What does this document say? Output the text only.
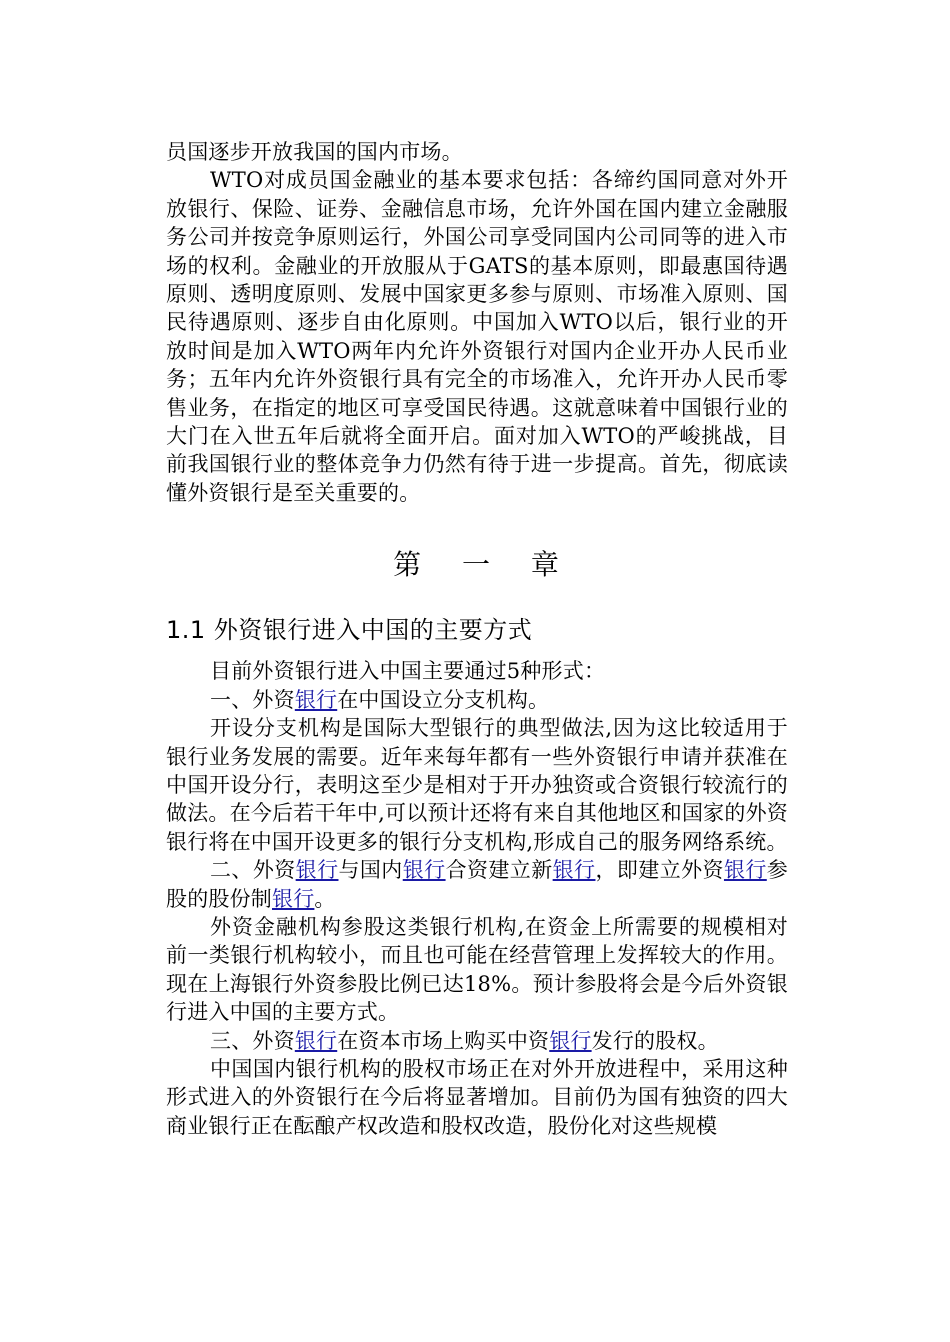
员国逐步开放我国的国内市场。

WTO对成员国金融业的基本要求包括：各缔约国同意对外开放银行、保险、证券、金融信息市场，允许外国在国内建立金融服务公司并按竞争原则运行，外国公司享受同国内公司同等的进入市场的权利。金融业的开放服从于GATS的基本原则，即最惠国待遇原则、透明度原则、发展中国家更多参与原则、市场准入原则、国民待遇原则、逐步自由化原则。中国加入WTO以后，银行业的开放时间是加入WTO两年内允许外资银行对国内企业开办人民币业务；五年内允许外资银行具有完全的市场准入，允许开办人民币零售业务，在指定的地区可享受国民待遇。这就意味着中国银行业的大门在入世五年后就将全面开启。面对加入WTO的严峻挑战，目前我国银行业的整体竞争力仍然有待于进一步提高。首先，彻底读懂外资银行是至关重要的。

第 一 章
1.1 外资银行进入中国的主要方式

目前外资银行进入中国主要通过5种形式：

一、外资银行在中国设立分支机构。

开设分支机构是国际大型银行的典型做法,因为这比较适用于银行业务发展的需要。近年来每年都有一些外资银行申请并获准在中国开设分行，表明这至少是相对于开办独资或合资银行较流行的做法。在今后若干年中,可以预计还将有来自其他地区和国家的外资银行将在中国开设更多的银行分支机构,形成自己的服务网络系统。

二、外资银行与国内银行合资建立新银行，即建立外资银行参股的股份制银行。

外资金融机构参股这类银行机构,在资金上所需要的规模相对前一类银行机构较小，而且也可能在经营管理上发挥较大的作用。现在上海银行外资参股比例已达18%。预计参股将会是今后外资银行进入中国的主要方式。

三、外资银行在资本市场上购买中资银行发行的股权。

中国国内银行机构的股权市场正在对外开放进程中，采用这种形式进入的外资银行在今后将显著增加。目前仍为国有独资的四大商业银行正在酝酿产权改造和股权改造，股份化对这些规模
